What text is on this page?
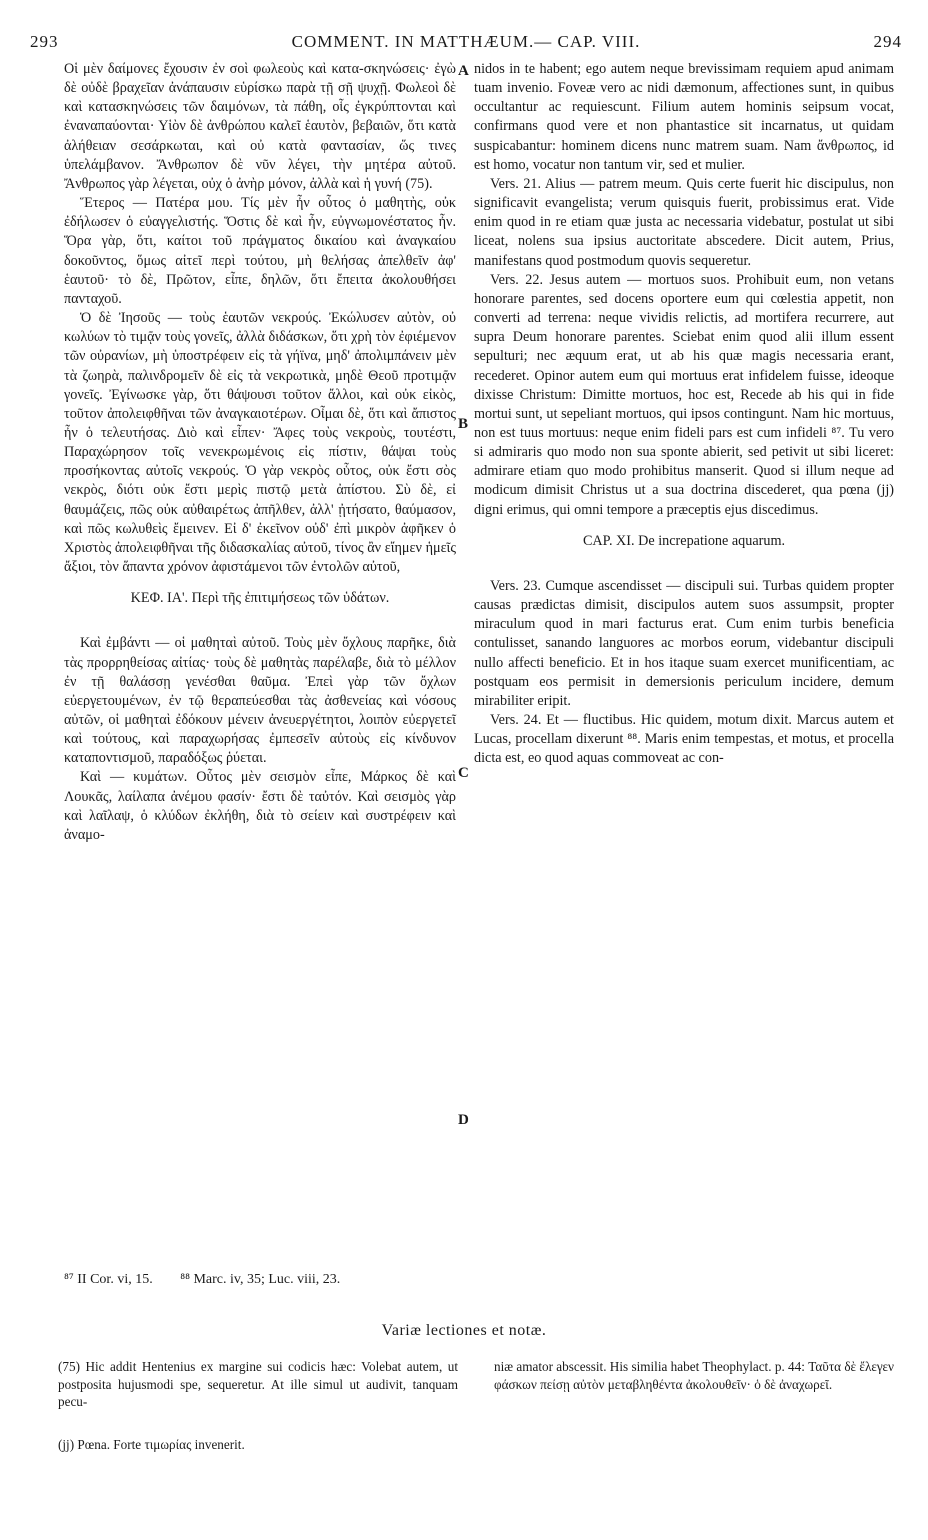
293	COMMENT. IN MATTHÆUM.— CAP. VIII.	294
A
B
C
D

Οἱ μὲν δαίμονες ἔχουσιν ἐν σοὶ φωλεοὺς καὶ κατα-σκηνώσεις· ἐγὼ δὲ οὐδὲ βραχεῖαν ἀνάπαυσιν εὑρίσκω παρὰ τῇ σῇ ψυχῇ. Φωλεοὶ δὲ καὶ κατασκηνώσεις τῶν δαιμόνων, τὰ πάθη, οἷς ἐγκρύπτονται καὶ ἐναναπαύονται· Υἱὸν δὲ ἀνθρώπου καλεῖ ἑαυτὸν, βεβαιῶν, ὅτι κατὰ ἀλήθειαν σεσάρκωται, καὶ οὐ κατὰ φαντασίαν, ὥς τινες ὑπελάμβανον. Ἄνθρωπον δὲ νῦν λέγει, τὴν μητέρα αὐτοῦ. Ἄνθρωπος γὰρ λέγεται, οὐχ ὁ ἀνὴρ μόνον, ἀλλὰ καὶ ἡ γυνή (75).

Ἕτερος — Πατέρα μου. Τίς μὲν ἦν οὗτος ὁ μαθητὴς, οὐκ ἐδήλωσεν ὁ εὐαγγελιστής. Ὅστις δὲ καὶ ἦν, εὐγνωμονέστατος ἦν. Ὅρα γὰρ, ὅτι, καίτοι τοῦ πράγματος δικαίου καὶ ἀναγκαίου δοκοῦντος, ὅμως αἰτεῖ περὶ τούτου, μὴ θελήσας ἀπελθεῖν ἀφ' ἑαυτοῦ· τὸ δὲ, Πρῶτον, εἶπε, δηλῶν, ὅτι ἔπειτα ἀκολουθήσει πανταχοῦ.

Ὁ δὲ Ἰησοῦς — τοὺς ἑαυτῶν νεκρούς. Ἐκώλυσεν αὐτὸν, οὐ κωλύων τὸ τιμᾷν τοὺς γονεῖς, ἀλλὰ διδάσκων, ὅτι χρὴ τὸν ἐφιέμενον τῶν οὐρανίων, μὴ ὑποστρέφειν εἰς τὰ γήϊνα, μηδ' ἀπολιμπάνειν μὲν τὰ ζωηρὰ, παλινδρομεῖν δὲ εἰς τὰ νεκρωτικὰ, μηδὲ Θεοῦ προτιμᾷν γονεῖς. Ἐγίνωσκε γὰρ, ὅτι θάψουσι τοῦτον ἄλλοι, καὶ οὐκ εἰκὸς, τοῦτον ἀπολειφθῆναι τῶν ἀναγκαιοτέρων. Οἶμαι δὲ, ὅτι καὶ ἄπιστος ἦν ὁ τελευτήσας. Διὸ καὶ εἶπεν· Ἄφες τοὺς νεκροὺς, τουτέστι, Παραχώρησον τοῖς νενεκρωμένοις εἰς πίστιν, θάψαι τοὺς προσήκοντας αὐτοῖς νεκρούς. Ὁ γὰρ νεκρὸς οὗτος, οὐκ ἔστι σὸς νεκρὸς, διότι οὐκ ἔστι μερὶς πιστῷ μετὰ ἀπίστου. Σὺ δὲ, εἰ θαυμάζεις, πῶς οὐκ αὐθαιρέτως ἀπῆλθεν, ἀλλ' ᾐτήσατο, θαύμασον, καὶ πῶς κωλυθεὶς ἔμεινεν. Εἰ δ' ἐκεῖνον οὐδ' ἐπὶ μικρὸν ἀφῆκεν ὁ Χριστὸς ἀπολειφθῆναι τῆς διδασκαλίας αὐτοῦ, τίνος ἂν εἴημεν ἡμεῖς ἄξιοι, τὸν ἅπαντα χρόνον ἀφιστάμενοι τῶν ἐντολῶν αὐτοῦ,

ΚΕΦ. ΙΑ'. Περὶ τῆς ἐπιτιμήσεως τῶν ὑδάτων.

Καὶ ἐμβάντι — οἱ μαθηταὶ αὐτοῦ. Τοὺς μὲν ὄχλους παρῆκε, διὰ τὰς προρρηθείσας αἰτίας· τοὺς δὲ μαθητὰς παρέλαβε, διὰ τὸ μέλλον ἐν τῇ θαλάσσῃ γενέσθαι θαῦμα. Ἐπεὶ γὰρ τῶν ὄχλων εὐεργετουμένων, ἐν τῷ θεραπεύεσθαι τὰς ἀσθενείας καὶ νόσους αὐτῶν, οἱ μαθηταὶ ἐδόκουν μένειν ἀνευεργέτητοι, λοιπὸν εὐεργετεῖ καὶ τούτους, καὶ παραχωρήσας ἐμπεσεῖν αὐτοὺς εἰς κίνδυνον καταποντισμοῦ, παραδόξως ῥύεται.

Καὶ — κυμάτων. Οὗτος μὲν σεισμὸν εἶπε, Μάρκος δὲ καὶ Λουκᾶς, λαίλαπα ἀνέμου φασίν· ἔστι δὲ ταὐτόν. Καὶ σεισμὸς γὰρ καὶ λαῖλαψ, ὁ κλύδων ἐκλήθη, διὰ τὸ σείειν καὶ συστρέφειν καὶ ἀναμο-

nidos in te habent; ego autem neque brevissimam requiem apud animam tuam invenio. Foveæ vero ac nidi dæmonum, affectiones sunt, in quibus occultantur ac requiescunt. Filium autem hominis seipsum vocat, confirmans quod vere et non phantastice sit incarnatus, ut quidam suspicabantur: hominem dicens nunc matrem suam. Nam ἄνθρωπος, id est homo, vocatur non tantum vir, sed et mulier.

Vers. 21. Alius — patrem meum. Quis certe fuerit hic discipulus, non significavit evangelista; verum quisquis fuerit, probissimus erat. Vide enim quod in re etiam quæ justa ac necessaria videbatur, postulat ut sibi liceat, nolens sua ipsius auctoritate abscedere. Dicit autem, Prius, manifestans quod postmodum quovis sequeretur.

Vers. 22. Jesus autem — mortuos suos. Prohibuit eum, non vetans honorare parentes, sed docens oportere eum qui cœlestia appetit, non converti ad terrena: neque vividis relictis, ad mortifera recurrere, aut supra Deum honorare parentes. Sciebat enim quod alii illum essent sepulturi; nec æquum erat, ut ab his quæ magis necessaria erant, recederet. Opinor autem eum qui mortuus erat infidelem fuisse, ideoque dixisse Christum: Dimitte mortuos, hoc est, Recede ab his qui in fide mortui sunt, ut sepeliant mortuos, qui ipsos contingunt. Nam hic mortuus, non est tuus mortuus: neque enim fideli pars est cum infideli ⁸⁷. Tu vero si admiraris quo modo non sua sponte abierit, sed petivit ut sibi liceret: admirare etiam quo modo prohibitus manserit. Quod si illum neque ad modicum dimisit Christus ut a sua doctrina discederet, qua pœna (jj) digni erimus, qui omni tempore a præceptis ejus discedimus.

CAP. XI. De increpatione aquarum.

Vers. 23. Cumque ascendisset — discipuli sui. Turbas quidem propter causas prædictas dimisit, discipulos autem suos assumpsit, propter miraculum quod in mari facturus erat. Cum enim turbis beneficia contulisset, sanando languores ac morbos eorum, videbantur discipuli nullo affecti beneficio. Et in hos itaque suam exercet munificentiam, ac postquam eos permisit in demersionis periculum incidere, demum mirabiliter eripit.

Vers. 24. Et — fluctibus. Hic quidem, motum dixit. Marcus autem et Lucas, procellam dixerunt ⁸⁸. Maris enim tempestas, et motus, et procella dicta est, eo quod aquas commoveat ac con-

⁸⁷ II Cor. vi, 15. ⁸⁸ Marc. iv, 35; Luc. viii, 23.
Variæ lectiones et notæ.
(75) Hic addit Hentenius ex margine sui codicis hæc: Volebat autem, ut postposita hujusmodi spe, sequeretur. At ille simul ut audivit, tanquam pecu-
niæ amator abscessit. His similia habet Theophylact. p. 44: Ταῦτα δὲ ἔλεγεν φάσκων πείσῃ αὐτὸν μεταβληθέντα ἀκολουθεῖν· ὁ δὲ ἀναχωρεῖ.
(jj) Pœna. Forte τιμωρίας invenerit.
